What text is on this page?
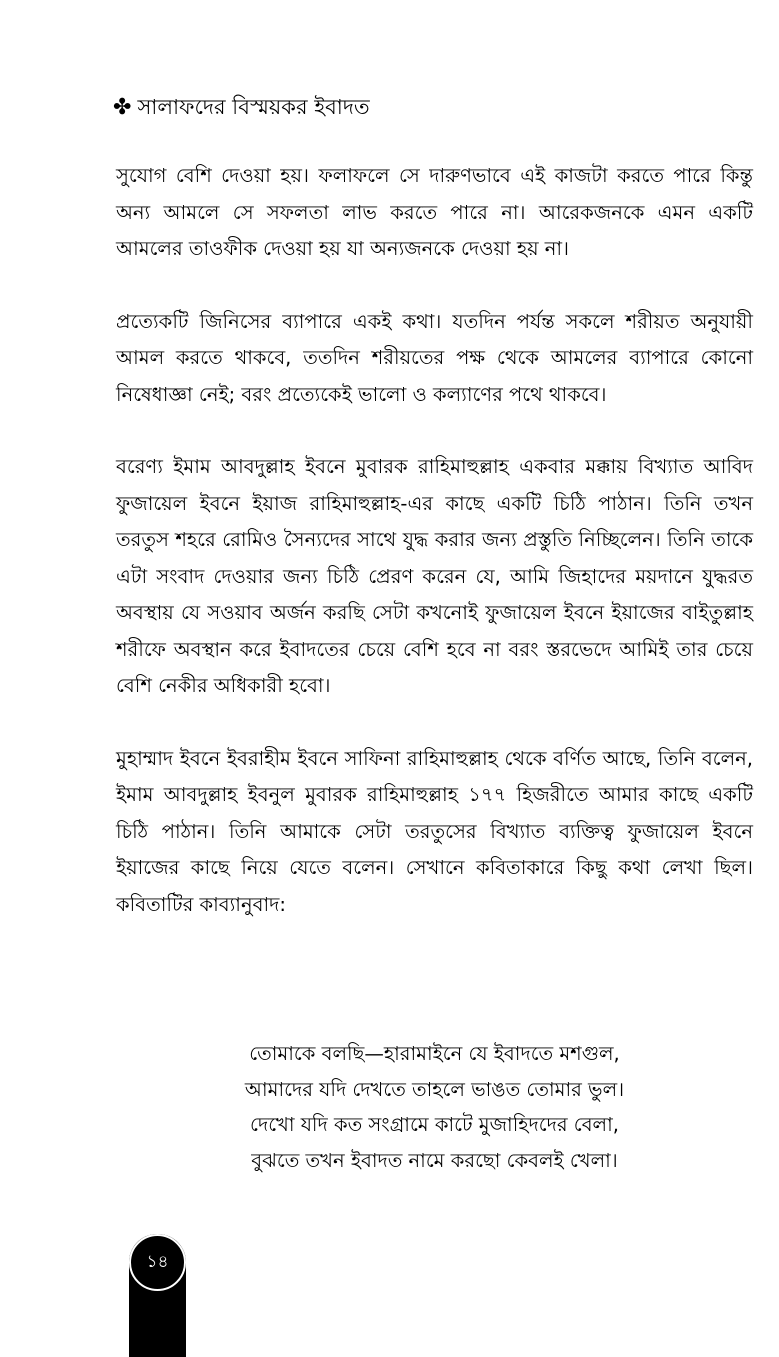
✤ সালাফদের বিস্ময়কর ইবাদত

সুযোগ বেশি দেওয়া হয়। ফলাফলে সে দারুণভাবে এই কাজটা করতে পারে কিন্তু অন্য আমলে সে সফলতা লাভ করতে পারে না। আরেকজনকে এমন একটি আমলের তাওফীক দেওয়া হয় যা অন্যজনকে দেওয়া হয় না।

প্রত্যেকটি জিনিসের ব্যাপারে একই কথা। যতদিন পর্যন্ত সকলে শরীয়ত অনুযায়ী আমল করতে থাকবে, ততদিন শরীয়তের পক্ষ থেকে আমলের ব্যাপারে কোনো নিষেধাজ্ঞা নেই; বরং প্রত্যেকেই ভালো ও কল্যাণের পথে থাকবে।

বরেণ্য ইমাম আবদুল্লাহ ইবনে মুবারক রাহিমাহুল্লাহ একবার মক্কায় বিখ্যাত আবিদ ফুজায়েল ইবনে ইয়াজ রাহিমাহুল্লাহ-এর কাছে একটি চিঠি পাঠান। তিনি তখন তরতুস শহরে রোমিও সৈন্যদের সাথে যুদ্ধ করার জন্য প্রস্তুতি নিচ্ছিলেন। তিনি তাকে এটা সংবাদ দেওয়ার জন্য চিঠি প্রেরণ করেন যে, আমি জিহাদের ময়দানে যুদ্ধরত অবস্থায় যে সওয়াব অর্জন করছি সেটা কখনোই ফুজায়েল ইবনে ইয়াজের বাইতুল্লাহ শরীফে অবস্থান করে ইবাদতের চেয়ে বেশি হবে না বরং স্তরভেদে আমিই তার চেয়ে বেশি নেকীর অধিকারী হবো।

মুহাম্মাদ ইবনে ইবরাহীম ইবনে সাফিনা রাহিমাহুল্লাহ থেকে বর্ণিত আছে, তিনি বলেন, ইমাম আবদুল্লাহ ইবনুল মুবারক রাহিমাহুল্লাহ ১৭৭ হিজরীতে আমার কাছে একটি চিঠি পাঠান। তিনি আমাকে সেটা তরতুসের বিখ্যাত ব্যক্তিত্ব ফুজায়েল ইবনে ইয়াজের কাছে নিয়ে যেতে বলেন। সেখানে কবিতাকারে কিছু কথা লেখা ছিল। কবিতাটির কাব্যানুবাদ:

তোমাকে বলছি—হারামাইনে যে ইবাদতে মশগুল,
আমাদের যদি দেখতে তাহলে ভাঙত তোমার ভুল।
দেখো যদি কত সংগ্রামে কাটে মুজাহিদদের বেলা,
বুঝতে তখন ইবাদত নামে করছো কেবলই খেলা।
১৪
